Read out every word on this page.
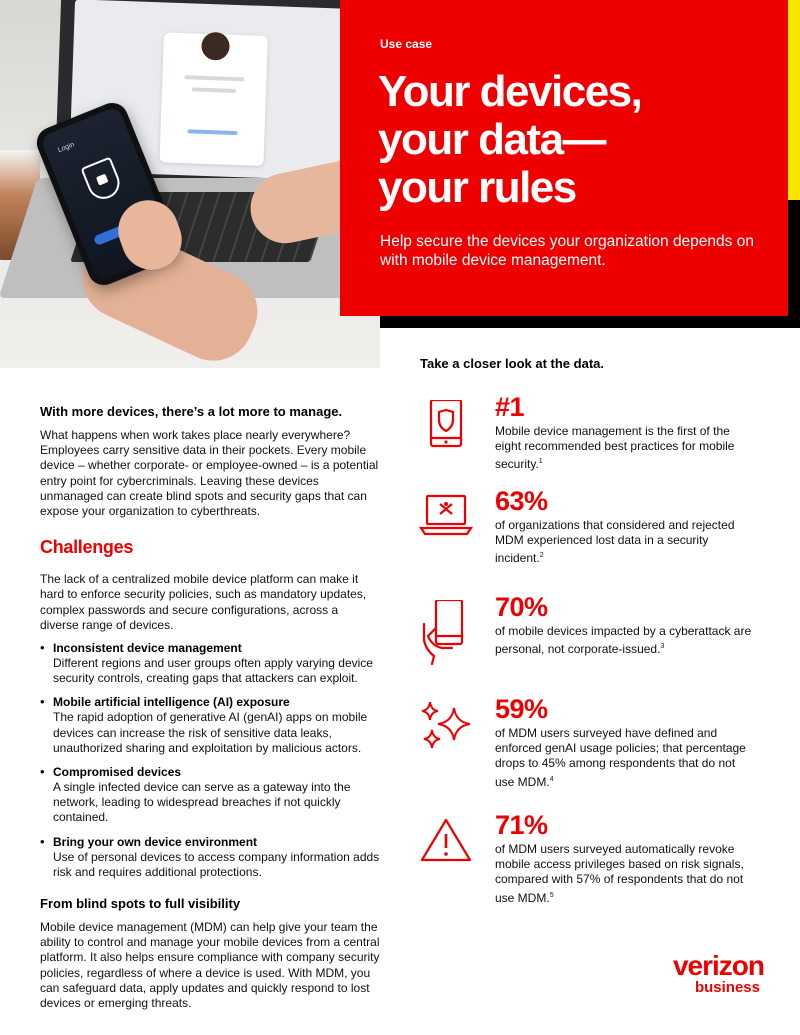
Login
Use case
Your devices,
your data—
your rules

Help secure the devices your organization depends on with mobile device management.

With more devices, there’s a lot more to manage.

What happens when work takes place nearly everywhere? Employees carry sensitive data in their pockets. Every mobile device – whether corporate- or employee-owned – is a potential entry point for cybercriminals. Leaving these devices unmanaged can create blind spots and security gaps that can expose your organization to cyberthreats.

Challenges

The lack of a centralized mobile device platform can make it hard to enforce security policies, such as mandatory updates, complex passwords and secure configurations, across a diverse range of devices.

• Inconsistent device management
Different regions and user groups often apply varying device security controls, creating gaps that attackers can exploit.
• Mobile artificial intelligence (AI) exposure
The rapid adoption of generative AI (genAI) apps on mobile devices can increase the risk of sensitive data leaks, unauthorized sharing and exploitation by malicious actors.
• Compromised devices
A single infected device can serve as a gateway into the network, leading to widespread breaches if not quickly contained.
• Bring your own device environment
Use of personal devices to access company information adds risk and requires additional protections.
From blind spots to full visibility

Mobile device management (MDM) can help give your team the ability to control and manage your mobile devices from a central platform. It also helps ensure compliance with company security policies, regardless of where a device is used. With MDM, you can safeguard data, apply updates and quickly respond to lost devices or emerging threats.

Take a closer look at the data.
#1
Mobile device management is the first of the eight recommended best practices for mobile security.$^1$
63%
of organizations that considered and rejected MDM experienced lost data in a security incident.$^2$
70%
of mobile devices impacted by a cyberattack are personal, not corporate-issued.$^3$
59%
of MDM users surveyed have defined and enforced genAI usage policies; that percentage drops to 45% among respondents that do not use MDM.$^4$
71%
of MDM users surveyed automatically revoke mobile access privileges based on risk signals, compared with 57% of respondents that do not use MDM.$^5$
verizon
business
